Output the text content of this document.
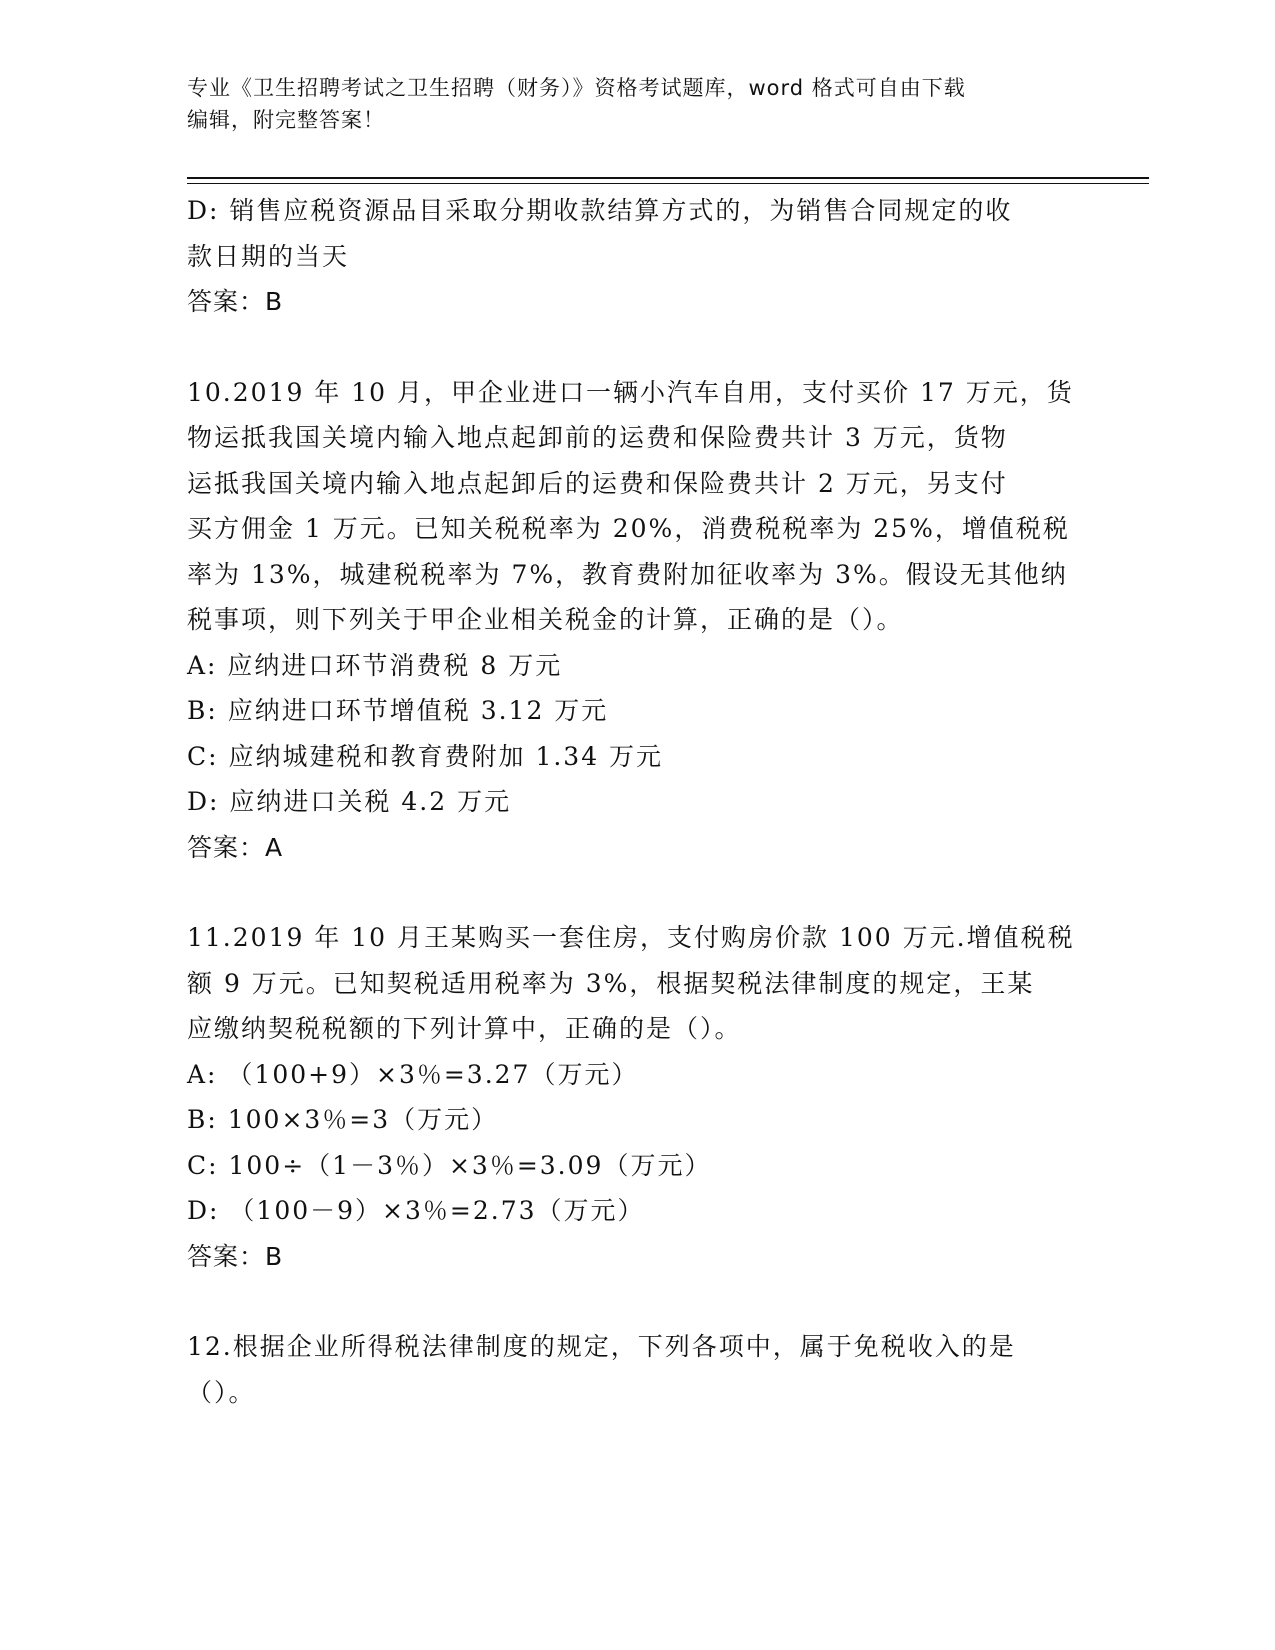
专业《卫生招聘考试之卫生招聘（财务）》资格考试题库，word 格式可自由下载
编辑，附完整答案！

D: 销售应税资源品目采取分期收款结算方式的，为销售合同规定的收

款日期的当天

答案：B

10.2019 年 10 月，甲企业进口一辆小汽车自用，支付买价 17 万元，货

物运抵我国关境内输入地点起卸前的运费和保险费共计 3 万元，货物

运抵我国关境内输入地点起卸后的运费和保险费共计 2 万元，另支付

买方佣金 1 万元。已知关税税率为 20%，消费税税率为 25%，增值税税

率为 13%，城建税税率为 7%，教育费附加征收率为 3%。假设无其他纳

税事项，则下列关于甲企业相关税金的计算，正确的是（）。

A: 应纳进口环节消费税 8 万元

B: 应纳进口环节增值税 3.12 万元

C: 应纳城建税和教育费附加 1.34 万元

D: 应纳进口关税 4.2 万元

答案：A

11.2019 年 10 月王某购买一套住房，支付购房价款 100 万元.增值税税

额 9 万元。已知契税适用税率为 3%，根据契税法律制度的规定，王某

应缴纳契税税额的下列计算中，正确的是（）。

A: （100+9）×3％=3.27（万元）

B: 100×3％=3（万元）

C: 100÷（1－3％）×3％=3.09（万元）

D: （100－9）×3％=2.73（万元）

答案：B

12.根据企业所得税法律制度的规定，下列各项中，属于免税收入的是

（）。
